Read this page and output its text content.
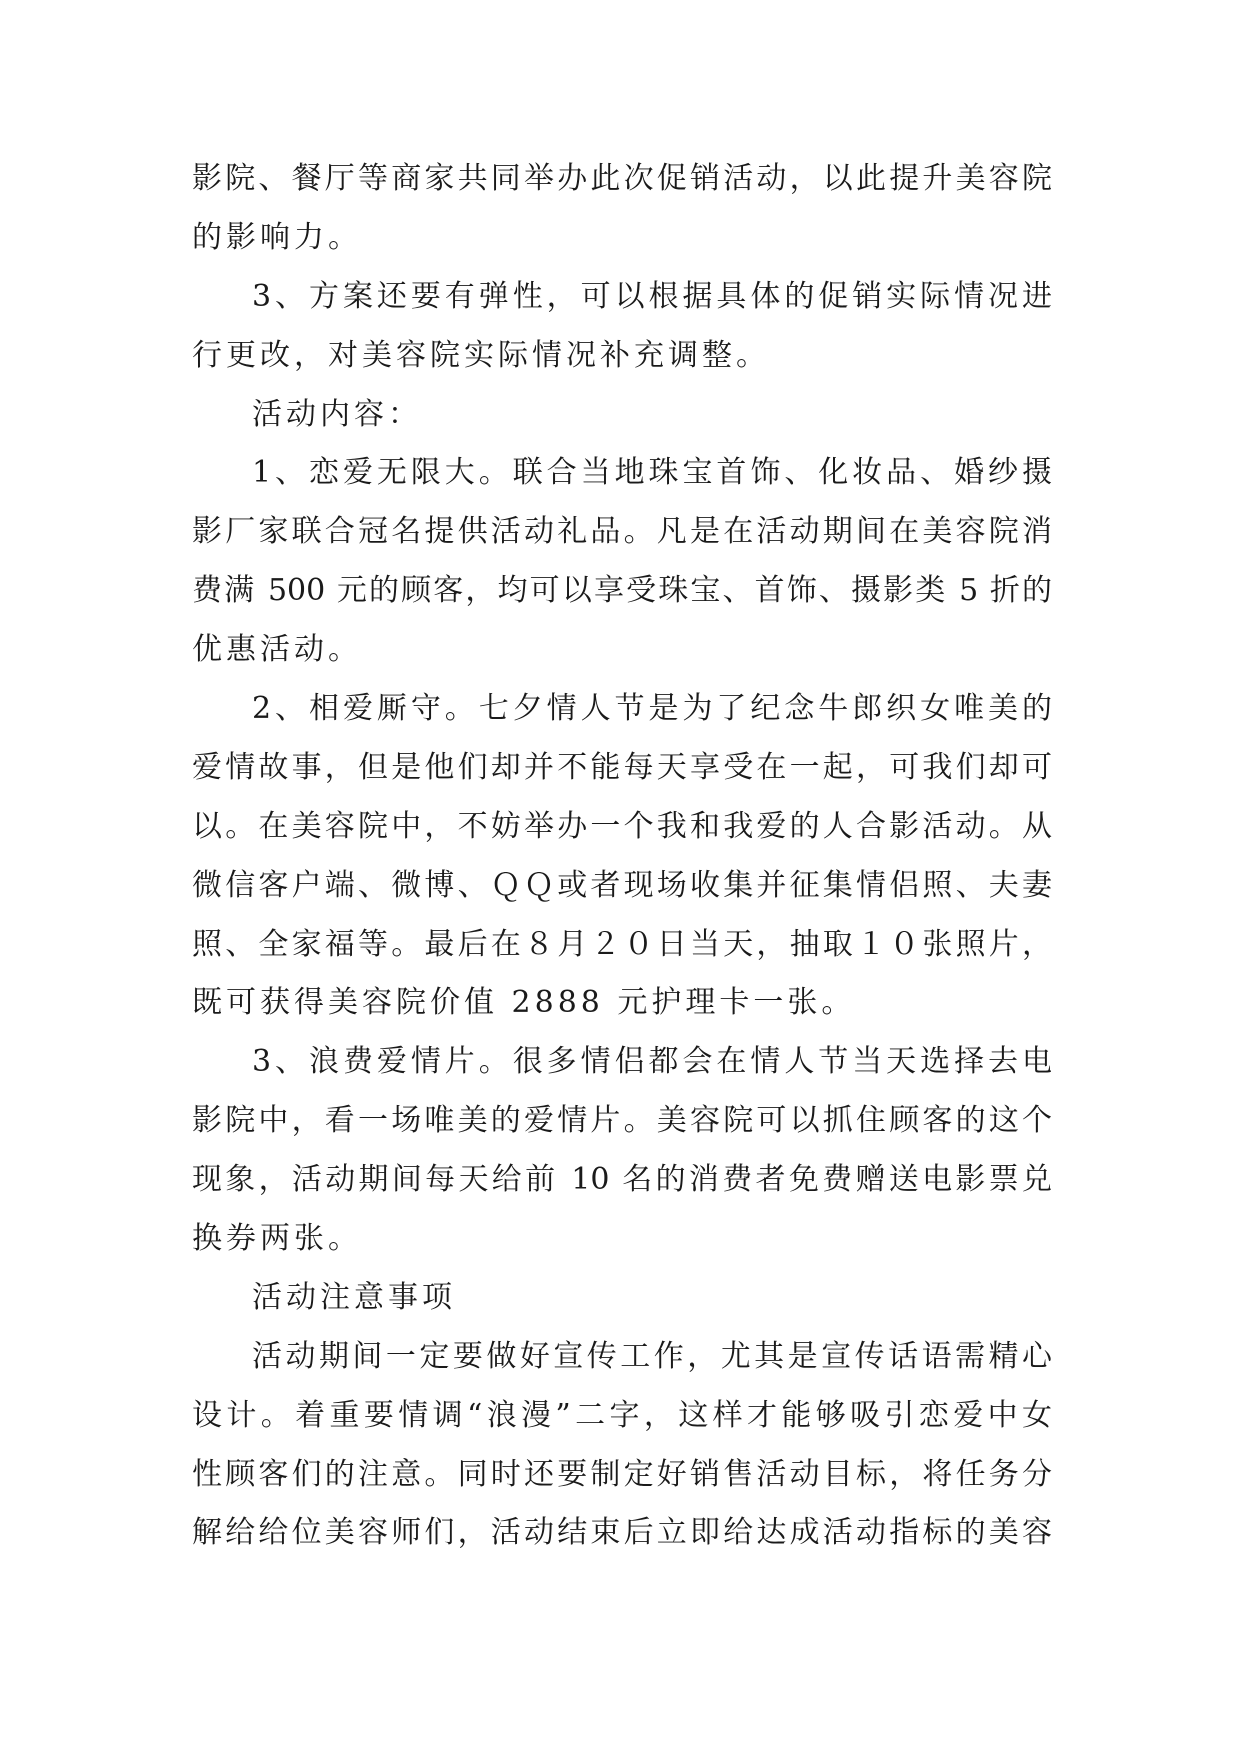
影院、餐厅等商家共同举办此次促销活动，以此提升美容院
的影响力。
3、方案还要有弹性，可以根据具体的促销实际情况进
行更改，对美容院实际情况补充调整。
活动内容：
1、恋爱无限大。联合当地珠宝首饰、化妆品、婚纱摄
影厂家联合冠名提供活动礼品。凡是在活动期间在美容院消
费满 500 元的顾客，均可以享受珠宝、首饰、摄影类 5 折的
优惠活动。
2、相爱厮守。七夕情人节是为了纪念牛郎织女唯美的
爱情故事，但是他们却并不能每天享受在一起，可我们却可
以。在美容院中，不妨举办一个我和我爱的人合影活动。从
微信客户端、微博、ＱＱ或者现场收集并征集情侣照、夫妻
照、全家福等。最后在８月２０日当天，抽取１０张照片，
既可获得美容院价值 2888 元护理卡一张。
3、浪费爱情片。很多情侣都会在情人节当天选择去电
影院中，看一场唯美的爱情片。美容院可以抓住顾客的这个
现象，活动期间每天给前 10 名的消费者免费赠送电影票兑
换券两张。
活动注意事项
活动期间一定要做好宣传工作，尤其是宣传话语需精心
设计。着重要情调“浪漫”二字，这样才能够吸引恋爱中女
性顾客们的注意。同时还要制定好销售活动目标，将任务分
解给给位美容师们，活动结束后立即给达成活动指标的美容
